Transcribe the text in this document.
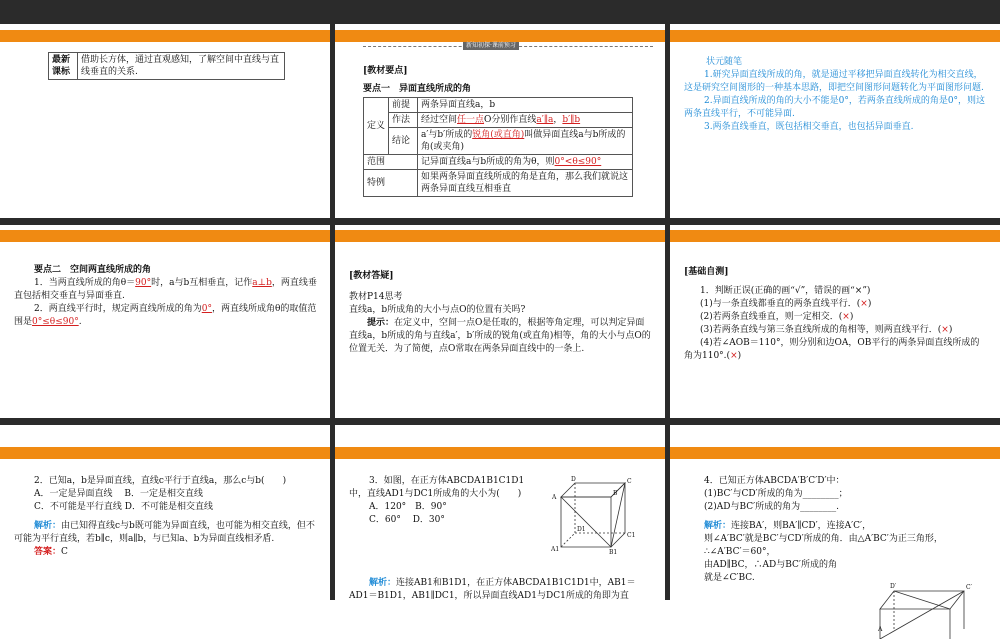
最新
课标	借助长方体，通过直观感知，了解空间中直线与直线垂直的关系.
新知初探·课前预习

[教材要点]

要点一　异面直线所成的角

定义	前提	两条异面直线a，b
	作法	经过空间任一点O分别作直线a′∥a，b′∥b
	结论	a′与b′所成的锐角(或直角)叫做异面直线a与b所成的角(或夹角)
范围		记异面直线a与b所成的角为θ，则0°<θ≤90°
特例		如果两条异面直线所成的角是直角，那么我们就说这两条异面直线互相垂直

状元随笔

1.研究异面直线所成的角，就是通过平移把异面直线转化为相交直线，这是研究空间图形的一种基本思路，即把空间图形问题转化为平面图形问题.

2.异面直线所成的角的大小不能是0°，若两条直线所成的角是0°，则这两条直线平行，不可能异面.

3.两条直线垂直，既包括相交垂直，也包括异面垂直.

要点二　空间两直线所成的角

1．当两直线所成的角θ＝90°时，a与b互相垂直，记作a⊥b，两直线垂直包括相交垂直与异面垂直.

2．两直线平行时，规定两直线所成的角为0°，两直线所成角θ的取值范围是0°≤θ≤90°.

[教材答疑]

教材P14思考

直线a，b所成角的大小与点O的位置有关吗?

提示：在定义中，空间一点O是任取的，根据等角定理，可以判定异面直线a，b所成的角与直线a′，b′所成的锐角(或直角)相等，角的大小与点O的位置无关．为了简便，点O常取在两条异面直线中的一条上.

[基础自测]

1．判断正误(正确的画“√”，错误的画“×”)

(1)与一条直线都垂直的两条直线平行．(×)

(2)若两条直线垂直，则一定相交．(×)

(3)若两条直线与第三条直线所成的角相等，则两直线平行．(×)

(4)若∠AOB＝110°，则分别和边OA，OB平行的两条异面直线所成的角为110°.(×)

2．已知a，b是异面直线，直线c平行于直线a，那么c与b(　　)

A．一定是异面直线　 B．一定是相交直线

C．不可能是平行直线 D．不可能是相交直线

解析：由已知得直线c与b既可能为异面直线，也可能为相交直线，但不可能为平行直线，若b∥c，则a∥b，与已知a、b为异面直线相矛盾.

答案：C

3．如图，在正方体ABCDA1B1C1D1中，直线AD1与DC1所成角的大小为(　　)

A．120°　B．90°

C．60°　 D．30°

A
B
C
D
A1	B1
C1
D1

解析：连接AB1和B1D1，在正方体ABCDA1B1C1D1中，AB1＝AD1＝B1D1，AB1∥DC1，所以异面直线AD1与DC1所成的角即为直

4．已知正方体ABCDA′B′C′D′中：

(1)BC′与CD′所成的角为________；

(2)AD与BC′所成的角为________.

解析：连接BA′，则BA′∥CD′，连接A′C′，

则∠A′BC′就是BC′与CD′所成的角．由△A′BC′为正三角形，

∴∠A′BC′＝60°，

由AD∥BC，∴AD与BC′所成的角

就是∠C′BC.

D′	C′
A
